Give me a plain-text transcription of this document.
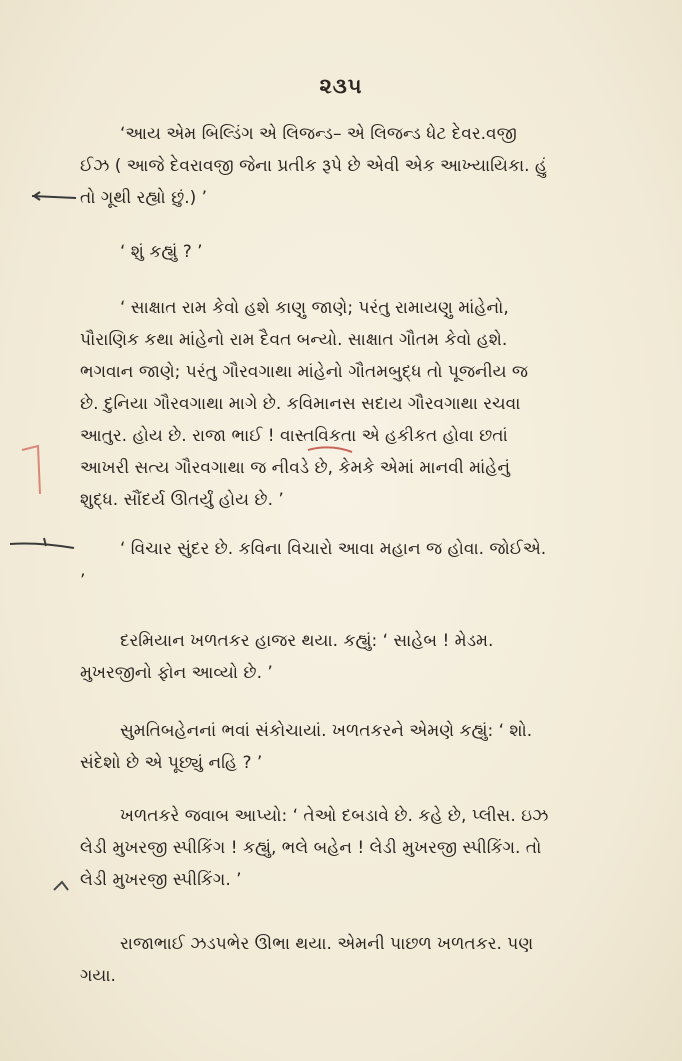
૨૩૫

‘આય એમ બિલ્ડિંગ એ લિજન્ડ– એ લિજન્ડ ધેટ દેવર.વજી ઈઝ ( આજે દેવરાવજી જેના પ્રતીક રૂપે છે એવી એક આખ્યાયિકા. હું તો ગૂથી રહ્યો છું.) ’

‘ શું કહ્યું ? ’

‘ સાક્ષાત રામ કેવો હશે કાણુ જાણે; પરંતુ રામાયણુ માંહેનો, પૌરાણિક કથા માંહેનો રામ દૈવત બન્યો. સાક્ષાત ગૌતમ કેવો હશે. ભગવાન જાણે; પરંતુ ગૌરવગાથા માંહેનો ગૌતમબુદ્ધ તો પૂજનીય જ છે. દુનિયા ગૌરવગાથા માગે છે. કવિમાનસ સદાય ગૌરવગાથા રચવા આતુર. હોય છે. રાજા ભાઈ ! વાસ્તવિકતા એ હકીકત હોવા છતાં આખરી સત્ય ગૌરવગાથા જ નીવડે છે, કેમકે એમાં માનવી માંહેનું શુદ્ધ. સૌંદર્ય ઊતર્યું હોય છે. ’

‘ વિચાર સુંદર છે. કવિના વિચારો આવા મહાન જ હોવા. જોઈએ. ’

દરમિયાન ખળતકર હાજર થયા. કહ્યું: ‘ સાહેબ ! મેડમ. મુખરજીનો ફોન આવ્યો છે. ’

સુમતિબહેનનાં ભવાં સંકોચાયાં. ખળતકરને એમણે કહ્યું: ‘ શો. સંદેશો છે એ પૂછ્યું નહિ ? ’

ખળતકરે જવાબ આપ્યો: ‘ તેઓ દબડાવે છે. કહે છે, પ્લીસ. ઇઝ લેડી મુખરજી સ્પીકિંગ ! કહ્યું, ભલે બહેન ! લેડી મુખરજી સ્પીકિંગ. તો લેડી મુખરજી સ્પીકિંગ. ’

રાજાભાઈ ઝડપભેર ઊભા થયા. એમની પાછળ ખળતકર. પણ ગયા.
